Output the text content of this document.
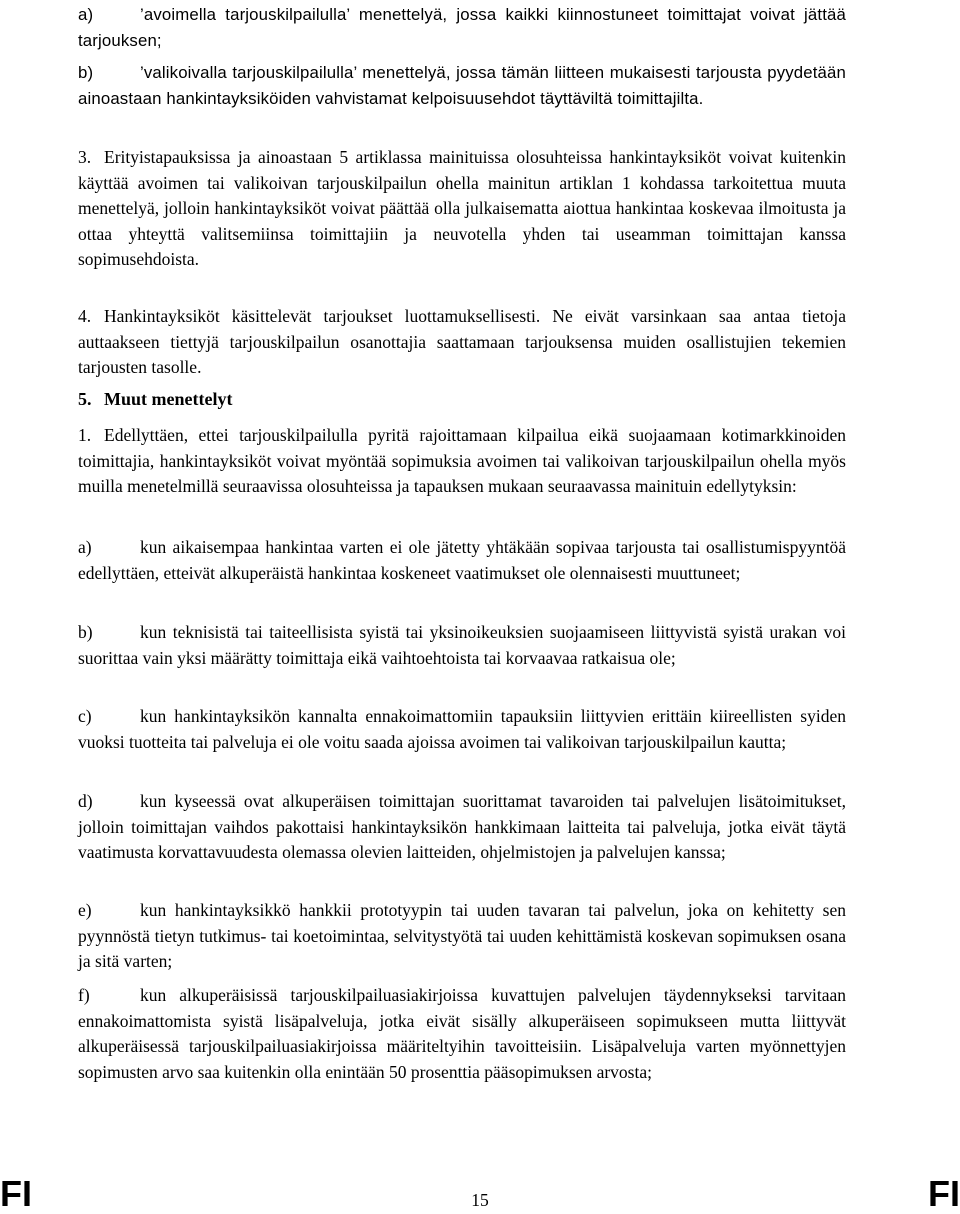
a)	’avoimella tarjouskilpailulla’ menettelyä, jossa kaikki kiinnostuneet toimittajat voivat jättää tarjouksen;
b)	’valikoivalla tarjouskilpailulla’ menettelyä, jossa tämän liitteen mukaisesti tarjousta pyydetään ainoastaan hankintayksiköiden vahvistamat kelpoisuusehdot täyttäviltä toimittajilta.
3. Erityistapauksissa ja ainoastaan 5 artiklassa mainituissa olosuhteissa hankintayksiköt voivat kuitenkin käyttää avoimen tai valikoivan tarjouskilpailun ohella mainitun artiklan 1 kohdassa tarkoitettua muuta menettelyä, jolloin hankintayksiköt voivat päättää olla julkaisematta aiottua hankintaa koskevaa ilmoitusta ja ottaa yhteyttä valitsemiinsa toimittajiin ja neuvotella yhden tai useamman toimittajan kanssa sopimusehdoista.
4. Hankintayksiköt käsittelevät tarjoukset luottamuksellisesti. Ne eivät varsinkaan saa antaa tietoja auttaakseen tiettyjä tarjouskilpailun osanottajia saattamaan tarjouksensa muiden osallistujien tekemien tarjousten tasolle.
5. Muut menettelyt
1. Edellyttäen, ettei tarjouskilpailulla pyritä rajoittamaan kilpailua eikä suojaamaan kotimarkkinoiden toimittajia, hankintayksiköt voivat myöntää sopimuksia avoimen tai valikoivan tarjouskilpailun ohella myös muilla menetelmillä seuraavissa olosuhteissa ja tapauksen mukaan seuraavassa mainituin edellytyksin:
a)	kun aikaisempaa hankintaa varten ei ole jätetty yhtäkään sopivaa tarjousta tai osallistumispyyntöä edellyttäen, etteivät alkuperäistä hankintaa koskeneet vaatimukset ole olennaisesti muuttuneet;
b)	kun teknisistä tai taiteellisista syistä tai yksinoikeuksien suojaamiseen liittyvistä syistä urakan voi suorittaa vain yksi määrätty toimittaja eikä vaihtoehtoista tai korvaavaa ratkaisua ole;
c)	kun hankintayksikön kannalta ennakoimattomiin tapauksiin liittyvien erittäin kiireellisten syiden vuoksi tuotteita tai palveluja ei ole voitu saada ajoissa avoimen tai valikoivan tarjouskilpailun kautta;
d)	kun kyseessä ovat alkuperäisen toimittajan suorittamat tavaroiden tai palvelujen lisätoimitukset, jolloin toimittajan vaihdos pakottaisi hankintayksikön hankkimaan laitteita tai palveluja, jotka eivät täytä vaatimusta korvattavuudesta olemassa olevien laitteiden, ohjelmistojen ja palvelujen kanssa;
e)	kun hankintayksikkö hankkii prototyypin tai uuden tavaran tai palvelun, joka on kehitetty sen pyynnöstä tietyn tutkimus- tai koetoimintaa, selvitystyötä tai uuden kehittämistä koskevan sopimuksen osana ja sitä varten;
f)	kun alkuperäisissä tarjouskilpailuasiakirjoissa kuvattujen palvelujen täydennykseksi tarvitaan ennakoimattomista syistä lisäpalveluja, jotka eivät sisälly alkuperäiseen sopimukseen mutta liittyvät alkuperäisessä tarjouskilpailuasiakirjoissa määriteltyihin tavoitteisiin. Lisäpalveluja varten myönnettyjen sopimusten arvo saa kuitenkin olla enintään 50 prosenttia pääsopimuksen arvosta;
FI	FI
15
